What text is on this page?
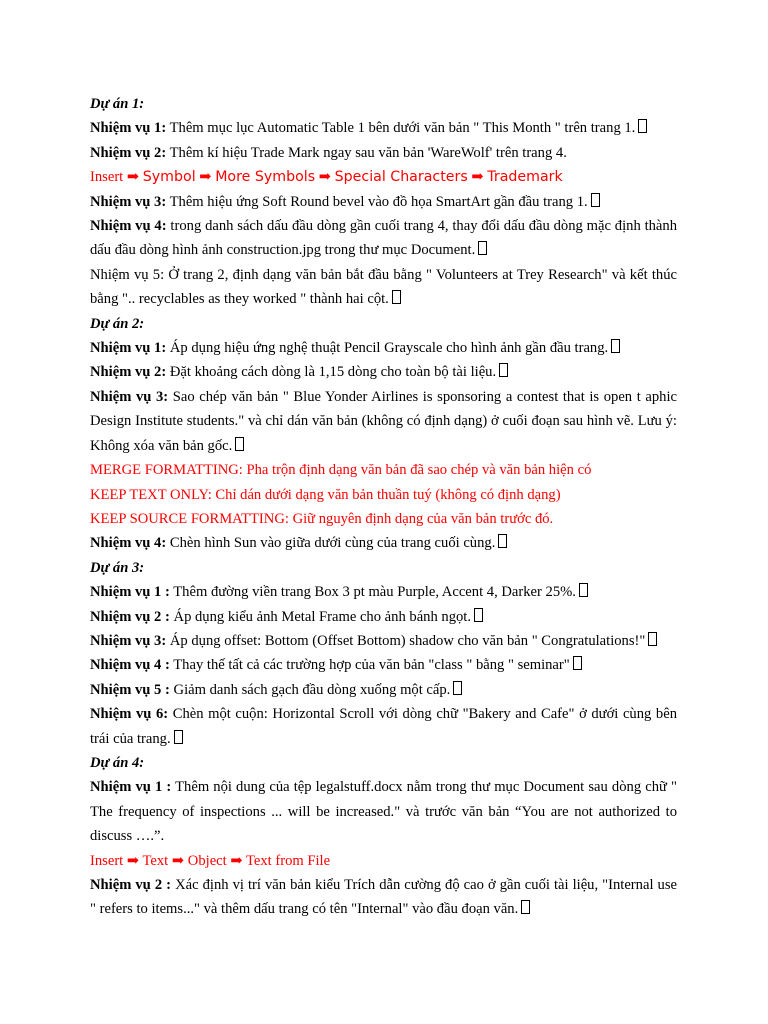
Dự án 1:

Nhiệm vụ 1: Thêm mục lục Automatic Table 1 bên dưới văn bản " This Month " trên trang 1.

Nhiệm vụ 2: Thêm kí hiệu Trade Mark ngay sau văn bản 'WareWolf' trên trang 4.

Insert ➡ Symbol ➡ More Symbols ➡ Special Characters ➡ Trademark

Nhiệm vụ 3: Thêm hiệu ứng Soft Round bevel vào đồ họa SmartArt gần đầu trang 1.

Nhiệm vụ 4: trong danh sách dấu đầu dòng gần cuối trang 4, thay đổi dấu đầu dòng mặc định thành dấu đầu dòng hình ảnh construction.jpg trong thư mục Document.

Nhiệm vụ 5: Ở trang 2, định dạng văn bản bắt đầu bằng " Volunteers at Trey Research" và kết thúc bằng ".. recyclables as they worked " thành hai cột.

Dự án 2:

Nhiệm vụ 1: Áp dụng hiệu ứng nghệ thuật Pencil Grayscale cho hình ảnh gần đầu trang.

Nhiệm vụ 2: Đặt khoảng cách dòng là 1,15 dòng cho toàn bộ tài liệu.

Nhiệm vụ 3: Sao chép văn bản " Blue Yonder Airlines is sponsoring a contest that is open t aphic Design Institute students." và chỉ dán văn bản (không có định dạng) ở cuối đoạn sau hình vẽ. Lưu ý: Không xóa văn bản gốc.

MERGE FORMATTING: Pha trộn định dạng văn bản đã sao chép và văn bản hiện có

KEEP TEXT ONLY: Chỉ dán dưới dạng văn bản thuần tuý (không có định dạng)

KEEP SOURCE FORMATTING: Giữ nguyên định dạng của văn bản trước đó.

Nhiệm vụ 4: Chèn hình Sun vào giữa dưới cùng của trang cuối cùng.

Dự án 3:

Nhiệm vụ 1 : Thêm đường viền trang Box 3 pt màu Purple, Accent 4, Darker 25%.

Nhiệm vụ 2 : Áp dụng kiểu ảnh Metal Frame cho ảnh bánh ngọt.

Nhiệm vụ 3: Áp dụng offset: Bottom (Offset Bottom) shadow cho văn bản " Congratulations!"

Nhiệm vụ 4 : Thay thế tất cả các trường hợp của văn bản "class " bằng " seminar"

Nhiệm vụ 5 : Giảm danh sách gạch đầu dòng xuống một cấp.

Nhiệm vụ 6: Chèn một cuộn: Horizontal Scroll với dòng chữ "Bakery and Cafe" ở dưới cùng bên trái của trang.

Dự án 4:

Nhiệm vụ 1 : Thêm nội dung của tệp legalstuff.docx nằm trong thư mục Document sau dòng chữ " The frequency of inspections ... will be increased." và trước văn bản “You are not authorized to discuss ….”.

Insert ➡ Text ➡ Object ➡ Text from File

Nhiệm vụ 2 : Xác định vị trí văn bản kiểu Trích dẫn cường độ cao ở gần cuối tài liệu, "Internal use " refers to items..." và thêm dấu trang có tên "Internal" vào đầu đoạn văn.
